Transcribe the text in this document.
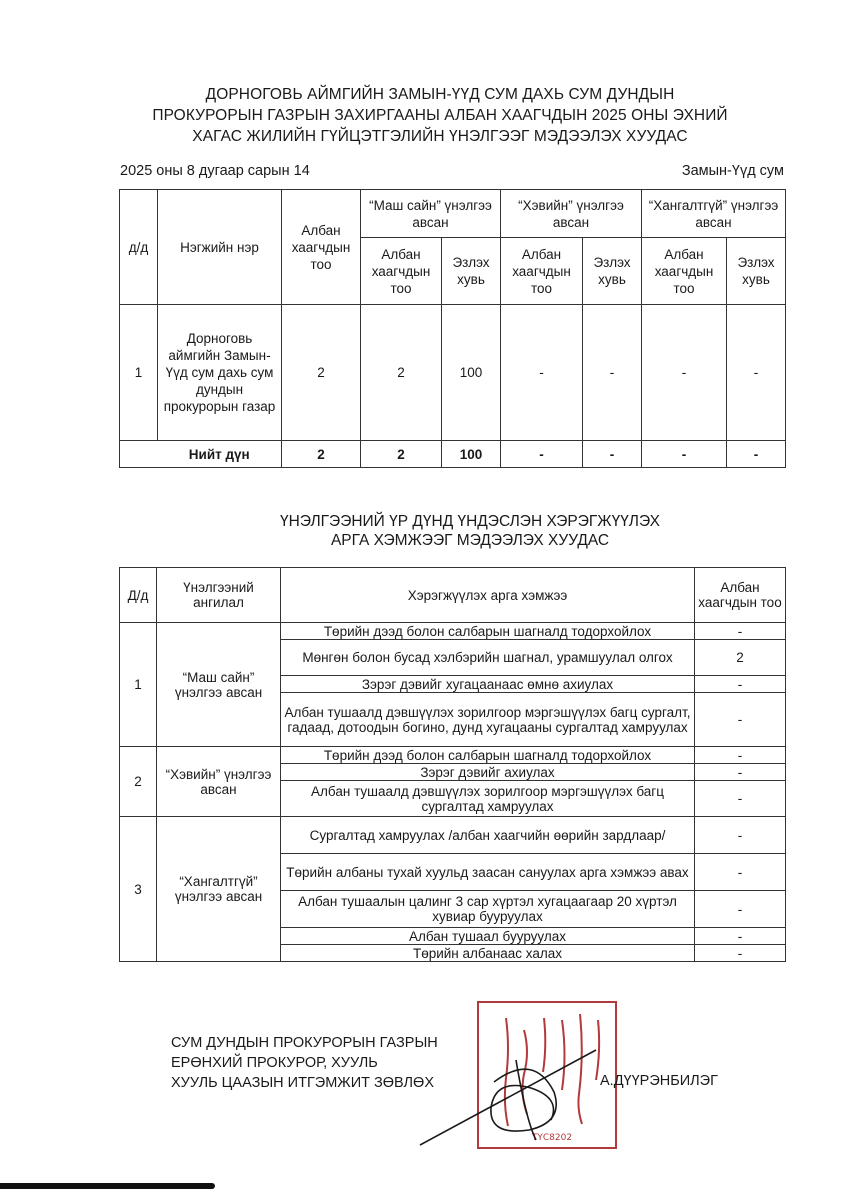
ДОРНОГОВЬ АЙМГИЙН ЗАМЫН-ҮҮД СУМ ДАХЬ СУМ ДУНДЫН
ПРОКУРОРЫН ГАЗРЫН ЗАХИРГААНЫ АЛБАН ХААГЧДЫН 2025 ОНЫ ЭХНИЙ
ХАГАС ЖИЛИЙН ГҮЙЦЭТГЭЛИЙН ҮНЭЛГЭЭГ МЭДЭЭЛЭХ ХУУДАС
2025 оны 8 дугаар сарын 14	Замын-Үүд сум
д/д	Нэгжийн нэр	Албан хаагчдын тоо	“Маш сайн” үнэлгээ авсан		“Хэвийн” үнэлгээ авсан		“Хангалтгүй” үнэлгээ авсан	
			Албан хаагчдын тоо	Эзлэх хувь	Албан хаагчдын тоо	Эзлэх хувь	Албан хаагчдын тоо	Эзлэх хувь
1	Дорноговь аймгийн Замын-Үүд сум дахь сум дундын прокурорын газар	2	2	100	-	-	-	-
	Нийт дүн	2	2	100	-	-	-	-
ҮНЭЛГЭЭНИЙ ҮР ДҮНД ҮНДЭСЛЭН ХЭРЭГЖҮҮЛЭХ
АРГА ХЭМЖЭЭГ МЭДЭЭЛЭХ ХУУДАС
Д/д	Үнэлгээний ангилал	Хэрэгжүүлэх арга хэмжээ	Албан хаагчдын тоо
1	“Маш сайн” үнэлгээ авсан	Төрийн дээд болон салбарын шагналд тодорхойлох	-
		Мөнгөн болон бусад хэлбэрийн шагнал, урамшуулал олгох	2
		Зэрэг дэвийг хугацаанаас өмнө ахиулах	-
		Албан тушаалд дэвшүүлэх зорилгоор мэргэшүүлэх багц сургалт, гадаад, дотоодын богино, дунд хугацааны сургалтад хамруулах	-
2	“Хэвийн” үнэлгээ авсан	Төрийн дээд болон салбарын шагналд тодорхойлох	-
		Зэрэг дэвийг ахиулах	-
		Албан тушаалд дэвшүүлэх зорилгоор мэргэшүүлэх багц сургалтад хамруулах	-
3	“Хангалтгүй” үнэлгээ авсан	Сургалтад хамруулах /албан хаагчийн өөрийн зардлаар/	-
		Төрийн албаны тухай хуульд заасан сануулах арга хэмжээ авах	-
		Албан тушаалын цалинг 3 сар хүртэл хугацаагаар 20 хүртэл хувиар бууруулах	-
		Албан тушаал бууруулах	-
		Төрийн албанаас халах	-
ТҮС8202
СУМ ДУНДЫН ПРОКУРОРЫН ГАЗРЫН
ЕРӨНХИЙ ПРОКУРОР, ХУУЛЬ
ХУУЛЬ ЦААЗЫН ИТГЭМЖИТ ЗӨВЛӨХ	А.ДҮҮРЭНБИЛЭГ
